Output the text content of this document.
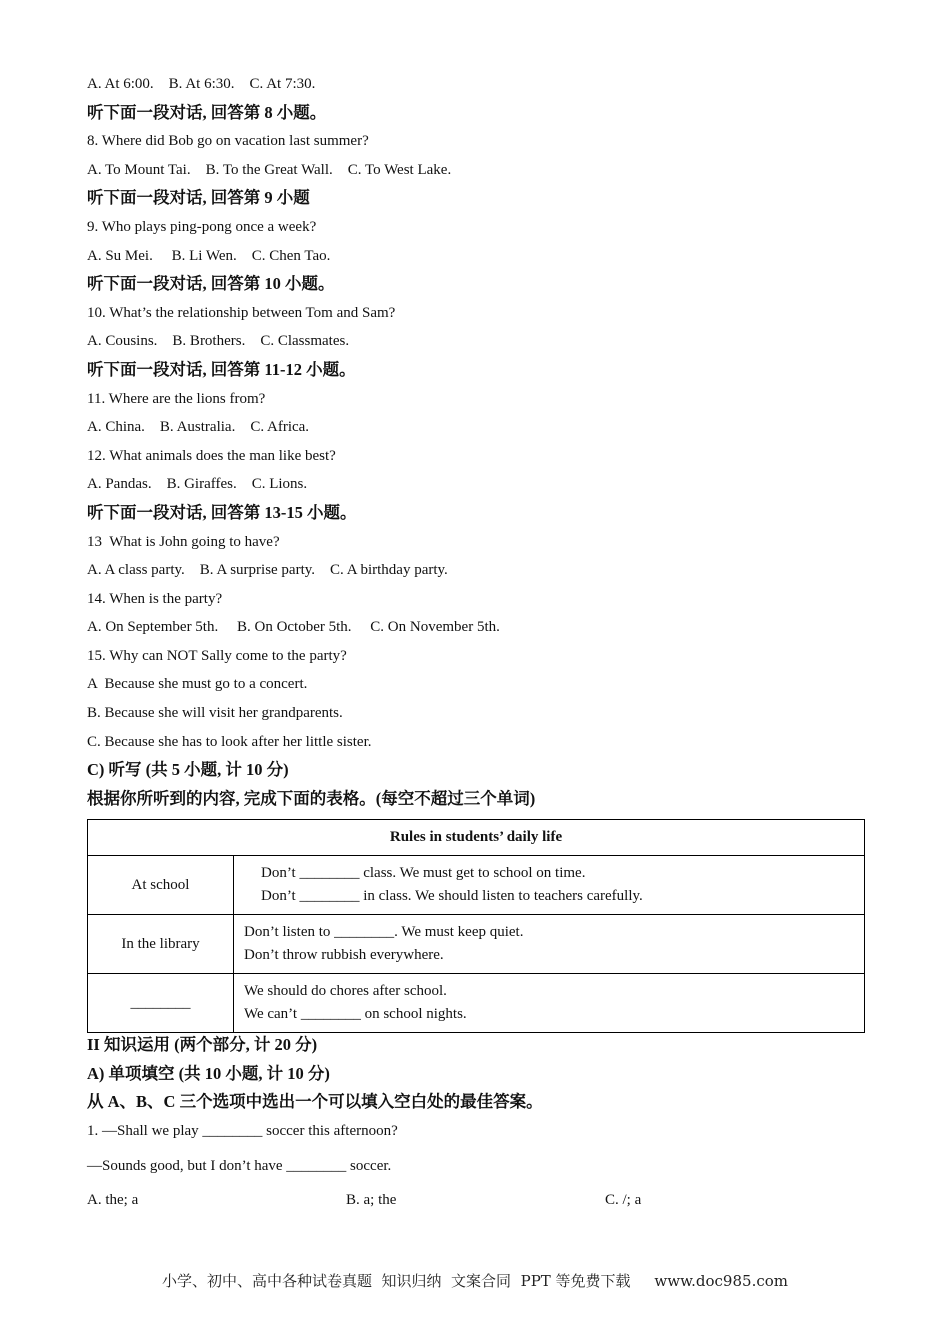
A. At 6:00.    B. At 6:30.    C. At 7:30.
听下面一段对话, 回答第 8 小题。
8. Where did Bob go on vacation last summer?
A. To Mount Tai.    B. To the Great Wall.    C. To West Lake.
听下面一段对话, 回答第 9 小题
9. Who plays ping-pong once a week?
A. Su Mei.     B. Li Wen.    C. Chen Tao.
听下面一段对话, 回答第 10 小题。
10. What’s the relationship between Tom and Sam?
A. Cousins.    B. Brothers.    C. Classmates.
听下面一段对话, 回答第 11-12 小题。
11. Where are the lions from?
A. China.    B. Australia.    C. Africa.
12. What animals does the man like best?
A. Pandas.    B. Giraffes.    C. Lions.
听下面一段对话, 回答第 13-15 小题。
13  What is John going to have?
A. A class party.    B. A surprise party.    C. A birthday party.
14. When is the party?
A. On September 5th.     B. On October 5th.     C. On November 5th.
15. Why can NOT Sally come to the party?
A  Because she must go to a concert.
B. Because she will visit her grandparents.
C. Because she has to look after her little sister.
C) 听写 (共 5 小题, 计 10 分)
根据你所听到的内容, 完成下面的表格。(每空不超过三个单词)
Rules in students’ daily life	
At school	Don’t ________ class. We must get to school on time.
Don’t ________ in class. We should listen to teachers carefully.

In the library	Don’t listen to ________. We must keep quiet.
Don’t throw rubbish everywhere.

________	We should do chores after school.
We can’t ________ on school nights.
II 知识运用 (两个部分, 计 20 分)
A) 单项填空 (共 10 小题, 计 10 分)
从 A、B、C 三个选项中选出一个可以填入空白处的最佳答案。
1. —Shall we play ________ soccer this afternoon?
—Sounds good, but I don’t have ________ soccer.
A. the; a	B. a; the	C. /; a
小学、初中、高中各种试卷真题  知识归纳  文案合同  PPT 等免费下载     www.doc985.com
